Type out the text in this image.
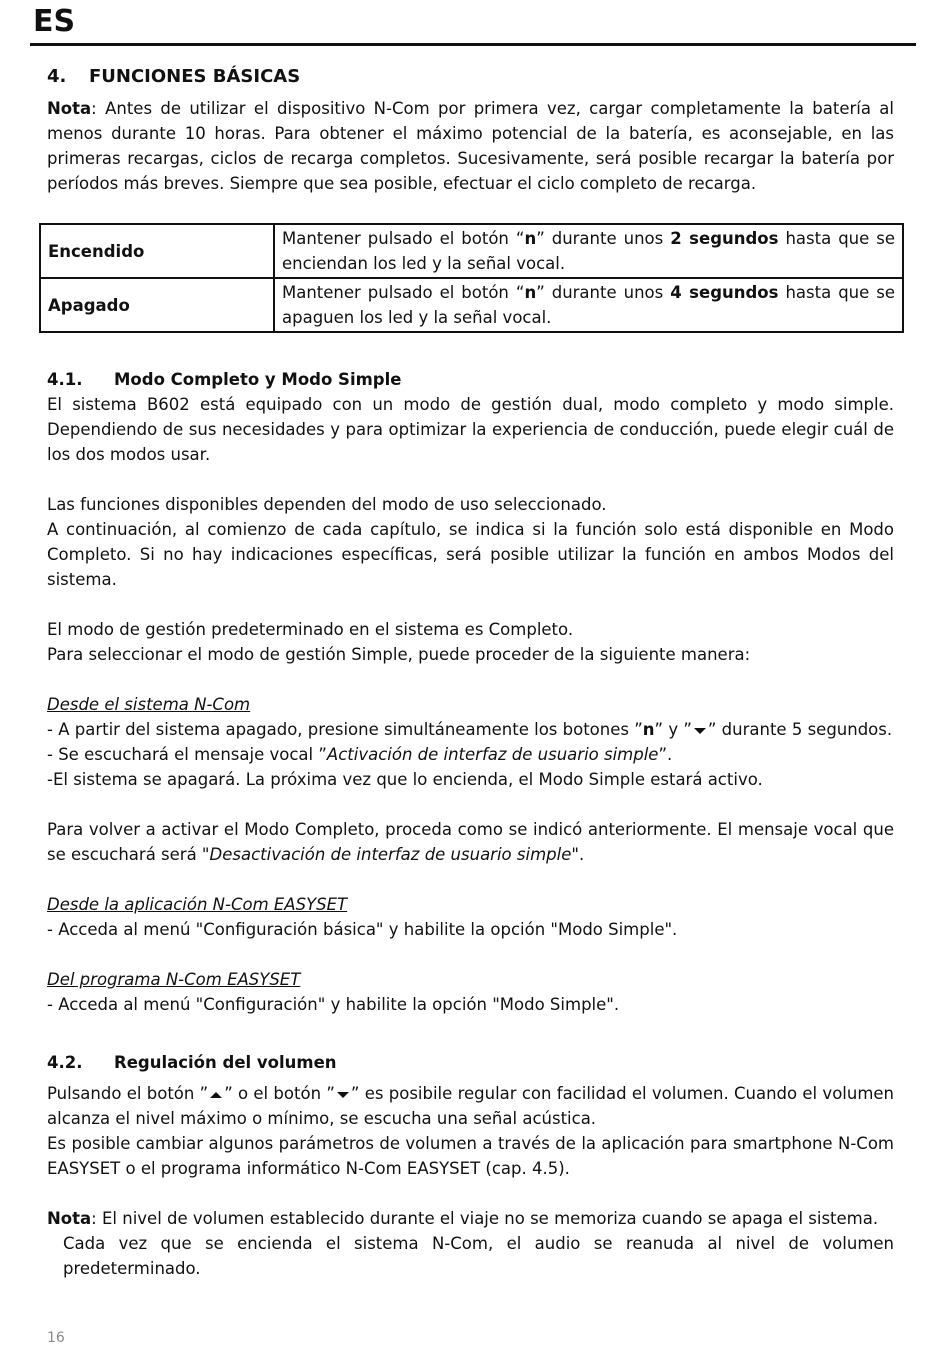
ES
4. FUNCIONES BÁSICAS

Nota: Antes de utilizar el dispositivo N-Com por primera vez, cargar completamente la batería al menos durante 10 horas. Para obtener el máximo potencial de la batería, es aconsejable, en las primeras recargas, ciclos de recarga completos. Sucesivamente, será posible recargar la batería por períodos más breves. Siempre que sea posible, efectuar el ciclo completo de recarga.

Encendido	Mantener pulsado el botón “n” durante unos 2 segundos hasta que se enciendan los led y la señal vocal.
Apagado	Mantener pulsado el botón “n” durante unos 4 segundos hasta que se apaguen los led y la señal vocal.
4.1. Modo Completo y Modo Simple

El sistema B602 está equipado con un modo de gestión dual, modo completo y modo simple. Dependiendo de sus necesidades y para optimizar la experiencia de conducción, puede elegir cuál de los dos modos usar.

Las funciones disponibles dependen del modo de uso seleccionado.

A continuación, al comienzo de cada capítulo, se indica si la función solo está disponible en Modo Completo. Si no hay indicaciones específicas, será posible utilizar la función en ambos Modos del sistema.

El modo de gestión predeterminado en el sistema es Completo.

Para seleccionar el modo de gestión Simple, puede proceder de la siguiente manera:

Desde el sistema N-Com

- A partir del sistema apagado, presione simultáneamente los botones ”n” y ” ” durante 5 segundos.

- Se escuchará el mensaje vocal ”Activación de interfaz de usuario simple”.

-El sistema se apagará. La próxima vez que lo encienda, el Modo Simple estará activo.

Para volver a activar el Modo Completo, proceda como se indicó anteriormente. El mensaje vocal que se escuchará será "Desactivación de interfaz de usuario simple".

Desde la aplicación N-Com EASYSET

- Acceda al menú "Configuración básica" y habilite la opción "Modo Simple".

Del programa N-Com EASYSET

- Acceda al menú "Configuración" y habilite la opción "Modo Simple".

4.2. Regulación del volumen

Pulsando el botón ” ” o el botón ” ” es posibile regular con facilidad el volumen. Cuando el volumen alcanza el nivel máximo o mínimo, se escucha una señal acústica.

Es posible cambiar algunos parámetros de volumen a través de la aplicación para smartphone N-Com EASYSET o el programa informático N-Com EASYSET (cap. 4.5).

Nota: El nivel de volumen establecido durante el viaje no se memoriza cuando se apaga el sistema.

Cada vez que se encienda el sistema N-Com, el audio se reanuda al nivel de volumen predeterminado.

16
